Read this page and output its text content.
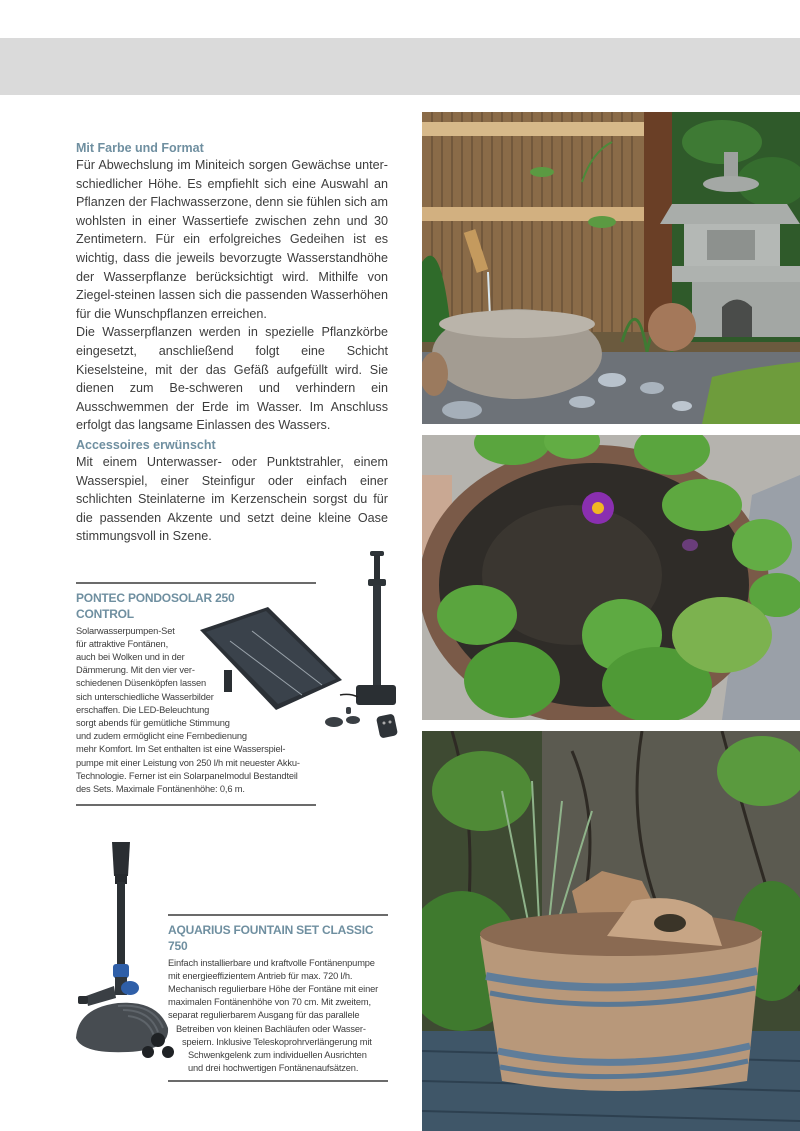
Mit Farbe und Format

Für Abwechslung im Miniteich sorgen Gewächse unter-schiedlicher Höhe. Es empfiehlt sich eine Auswahl an Pflanzen der Flachwasserzone, denn sie fühlen sich am wohlsten in einer Wassertiefe zwischen zehn und 30 Zentimetern. Für ein erfolgreiches Gedeihen ist es wichtig, dass die jeweils bevorzugte Wasserstandhöhe der Wasserpflanze berücksichtigt wird. Mithilfe von Ziegel-steinen lassen sich die passenden Wasserhöhen für die Wunschpflanzen erreichen.

Die Wasserpflanzen werden in spezielle Pflanzkörbe eingesetzt, anschließend folgt eine Schicht Kieselsteine, mit der das Gefäß aufgefüllt wird. Sie dienen zum Be-schweren und verhindern ein Ausschwemmen der Erde im Wasser. Im Anschluss erfolgt das langsame Einlassen des Wassers.

Accessoires erwünscht

Mit einem Unterwasser- oder Punktstrahler, einem Wasserspiel, einer Steinfigur oder einfach einer schlichten Steinlaterne im Kerzenschein sorgst du für die passenden Akzente und setzt deine kleine Oase stimmungsvoll in Szene.

PONTEC PONDOSOLAR 250
CONTROL
Solarwasserpumpen-Set
für attraktive Fontänen,
auch bei Wolken und in der
Dämmerung. Mit den vier ver-
schiedenen Düsenköpfen lassen
sich unterschiedliche Wasserbilder
erschaffen. Die LED-Beleuchtung
sorgt abends für gemütliche Stimmung
und zudem ermöglicht eine Fernbedienung
mehr Komfort. Im Set enthalten ist eine Wasserspiel-
pumpe mit einer Leistung von 250 l/h mit neuester Akku-
Technologie. Ferner ist ein Solarpanelmodul Bestandteil
des Sets. Maximale Fontänenhöhe: 0,6 m.
AQUARIUS FOUNTAIN SET CLASSIC 750
Einfach installierbare und kraftvolle Fontänenpumpe
mit energieeffizientem Antrieb für max. 720 l/h.
Mechanisch regulierbare Höhe der Fontäne mit einer
maximalen Fontänenhöhe von 70 cm. Mit zweitem,
separat regulierbarem Ausgang für das parallele
Betreiben von kleinen Bachläufen oder Wasser-
speiern. Inklusive Teleskoprohrverlängerung mit
Schwenkgelenk zum individuellen Ausrichten
und drei hochwertigen Fontänenaufsätzen.
